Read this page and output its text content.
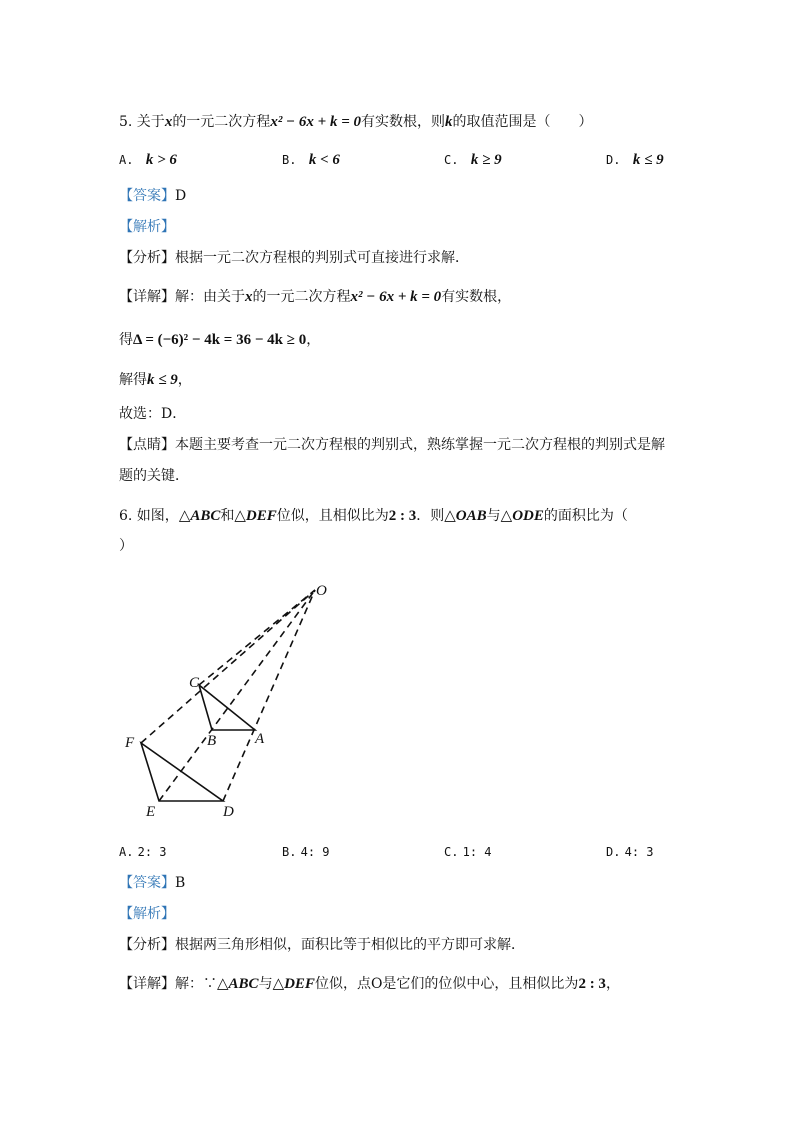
5. 关于x的一元二次方程x² − 6x + k = 0有实数根，则k的取值范围是（　　）
A. k > 6	B. k < 6	C. k ≥ 9	D. k ≤ 9
【答案】D
【解析】
【分析】根据一元二次方程根的判别式可直接进行求解．
【详解】解：由关于x的一元二次方程x² − 6x + k = 0有实数根，
得Δ = (−6)² − 4k = 36 − 4k ≥ 0，
解得k ≤ 9，
故选：D．
【点睛】本题主要考查一元二次方程根的判别式，熟练掌握一元二次方程根的判别式是解
题的关键．
6. 如图，△ABC和△DEF位似，且相似比为2 : 3．则△OAB与△ODE的面积比为（
）
O
C
F	B	A
E	D
A. 2: 3	B. 4: 9	C. 1: 4	D. 4: 3
【答案】B
【解析】
【分析】根据两三角形相似，面积比等于相似比的平方即可求解．
【详解】解：∵△ABC与△DEF位似，点O是它们的位似中心，且相似比为2 : 3，
